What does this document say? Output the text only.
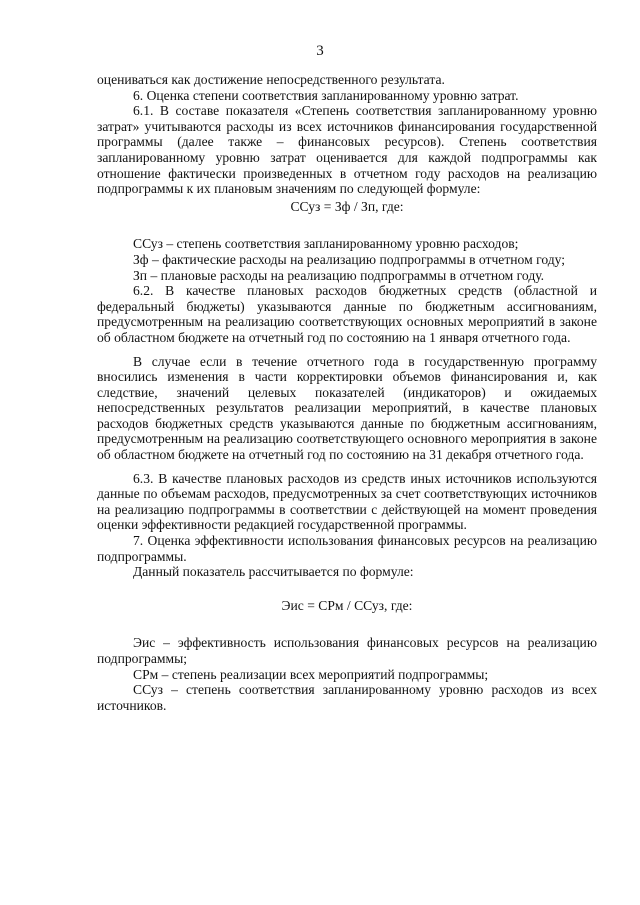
3

оцениваться как достижение непосредственного результата.

6. Оценка степени соответствия запланированному уровню затрат.

6.1. В составе показателя «Степень соответствия запланированному уровню затрат» учитываются расходы из всех источников финансирования государственной программы (далее также – финансовых ресурсов). Степень соответствия запланированному уровню затрат оценивается для каждой подпрограммы как отношение фактически произведенных в отчетном году расходов на реализацию подпрограммы к их плановым значениям по следующей формуле:

ССуз = Зф / Зп, где:

ССуз – степень соответствия запланированному уровню расходов;

Зф – фактические расходы на реализацию подпрограммы в отчетном году;

Зп – плановые расходы на реализацию подпрограммы в отчетном году.

6.2. В качестве плановых расходов бюджетных средств (областной и федеральный бюджеты) указываются данные по бюджетным ассигнованиям, предусмотренным на реализацию соответствующих основных мероприятий в законе об областном бюджете на отчетный год по состоянию на 1 января отчетного года.

В случае если в течение отчетного года в государственную программу вносились изменения в части корректировки объемов финансирования и, как следствие, значений целевых показателей (индикаторов) и ожидаемых непосредственных результатов реализации мероприятий, в качестве плановых расходов бюджетных средств указываются данные по бюджетным ассигнованиям, предусмотренным на реализацию соответствующего основного мероприятия в законе об областном бюджете на отчетный год по состоянию на 31 декабря отчетного года.

6.3. В качестве плановых расходов из средств иных источников используются данные по объемам расходов, предусмотренных за счет соответствующих источников на реализацию подпрограммы в соответствии с действующей на момент проведения оценки эффективности редакцией государственной программы.

7. Оценка эффективности использования финансовых ресурсов на реализацию подпрограммы.

Данный показатель рассчитывается по формуле:

Эис = СРм / ССуз, где:

Эис – эффективность использования финансовых ресурсов на реализацию подпрограммы;

СРм – степень реализации всех мероприятий подпрограммы;

ССуз – степень соответствия запланированному уровню расходов из всех источников.
